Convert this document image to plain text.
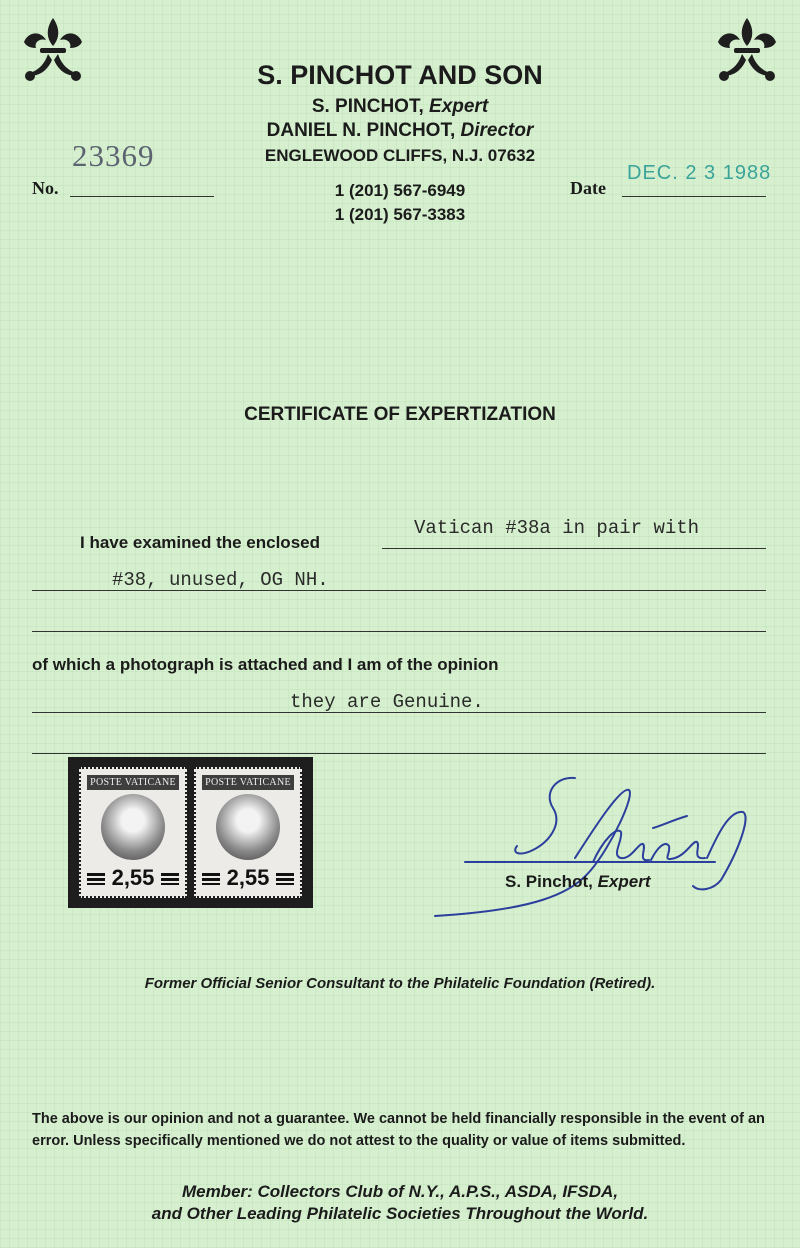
S. PINCHOT AND SON
S. PINCHOT, Expert
DANIEL N. PINCHOT, Director
ENGLEWOOD CLIFFS, N.J. 07632
1 (201) 567-6949
1 (201) 567-3383
23369
No.	Date
DEC. 2 3 1988
CERTIFICATE OF EXPERTIZATION
I have examined the enclosed
Vatican #38a in pair with
#38, unused, OG NH.
of which a photograph is attached and I am of the opinion
they are Genuine.
POSTE VATICANE
2,55
POSTE VATICANE
2,55	S. Pinchot, Expert
Former Official Senior Consultant to the Philatelic Foundation (Retired).
The above is our opinion and not a guarantee. We cannot be held financially responsible in the event of an error. Unless specifically mentioned we do not attest to the quality or value of items submitted.
Member: Collectors Club of N.Y., A.P.S., ASDA, IFSDA,
and Other Leading Philatelic Societies Throughout the World.
